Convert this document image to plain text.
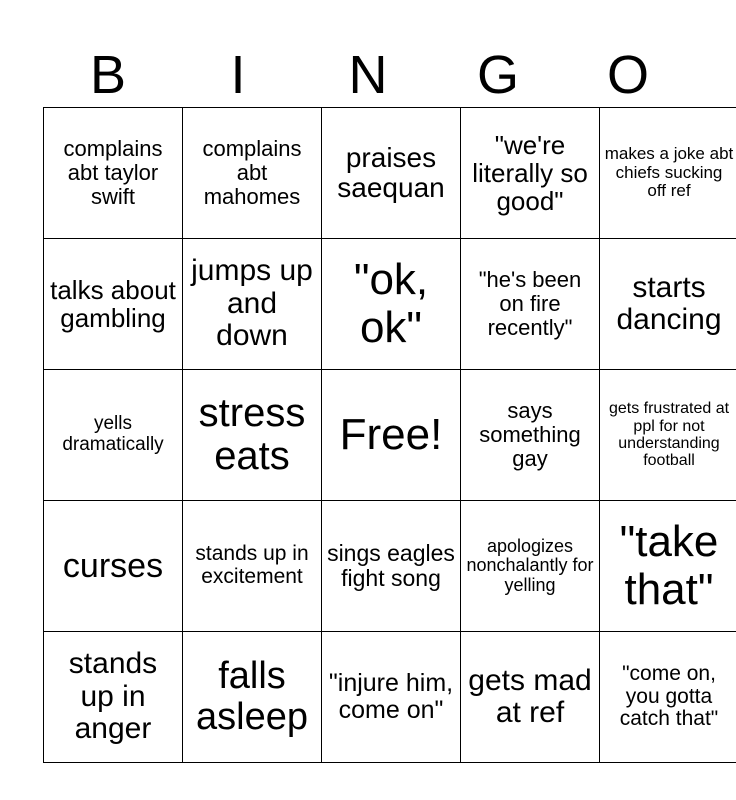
B	I	N	G	O
complains abt taylor swift	complains abt mahomes	praises saequan	"we're literally so good"	makes a joke abt chiefs sucking off ref

talks about gambling	jumps up and down	"ok, ok"	"he's been on fire recently"	starts dancing

yells dramatically	stress eats	Free!	says something gay	gets frustrated at ppl for not understanding football

curses	stands up in excitement	sings eagles fight song	apologizes nonchalantly for yelling	"take that"

stands up in anger	falls asleep	"injure him, come on"	gets mad at ref	"come on, you gotta catch that"
